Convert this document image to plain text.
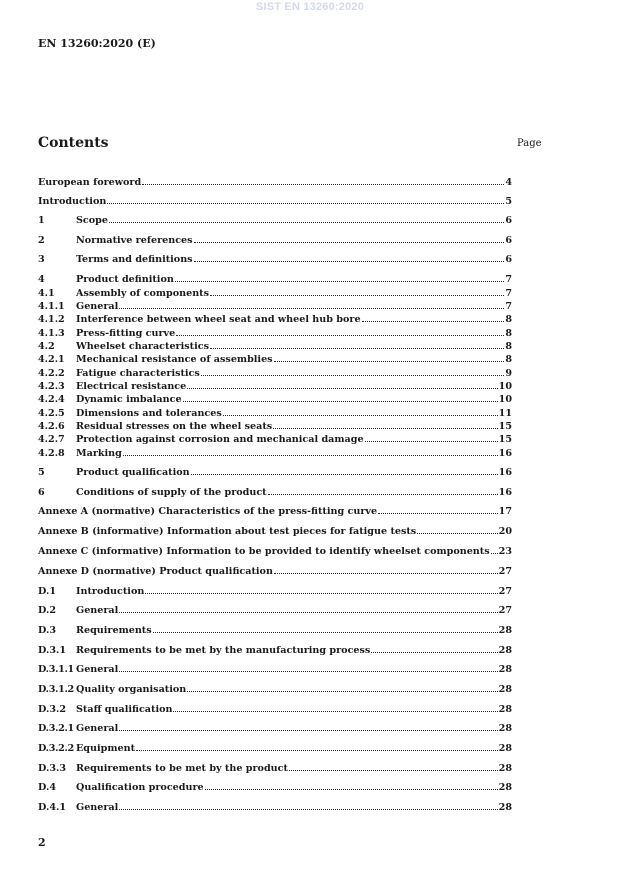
SIST EN 13260:2020
EN 13260:2020 (E)
Contents	Page
European foreword	4
Introduction	5
1	Scope	6
2	Normative references	6
3	Terms and definitions	6
4	Product definition	7
4.1	Assembly of components	7
4.1.1	General	7
4.1.2	Interference between wheel seat and wheel hub bore	8
4.1.3	Press-fitting curve	8
4.2	Wheelset characteristics	8
4.2.1	Mechanical resistance of assemblies	8
4.2.2	Fatigue characteristics	9
4.2.3	Electrical resistance	10
4.2.4	Dynamic imbalance	10
4.2.5	Dimensions and tolerances	11
4.2.6	Residual stresses on the wheel seats	15
4.2.7	Protection against corrosion and mechanical damage	15
4.2.8	Marking	16
5	Product qualification	16
6	Conditions of supply of the product	16
Annexe A (normative) Characteristics of the press-fitting curve	17
Annexe B (informative) Information about test pieces for fatigue tests	20
Annexe C (informative) Information to be provided to identify wheelset components 23
Annexe D (normative) Product qualification	27
D.1	Introduction	27
D.2	General	27
D.3	Requirements	28
D.3.1	Requirements to be met by the manufacturing process	28
D.3.1.1 General	28
D.3.1.2 Quality organisation	28
D.3.2	Staff qualification	28
D.3.2.1 General	28
D.3.2.2 Equipment	28
D.3.3	Requirements to be met by the product	28
D.4	Qualification procedure	28
D.4.1	General	28
2
